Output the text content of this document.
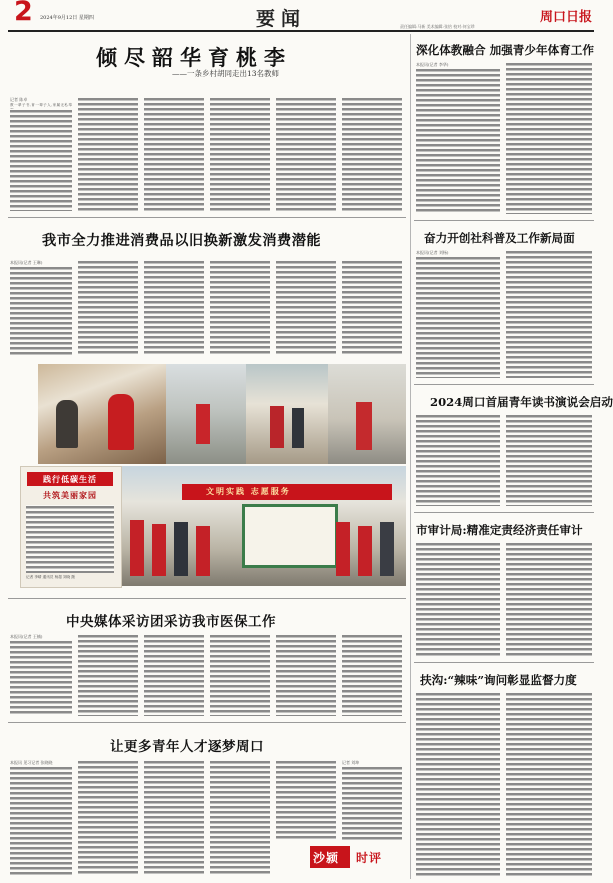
2 2024年9月12日 星期四	要闻	周口日报
责任编辑:马新 美术编辑:张怡 校对:何宝珍
倾尽韶华育桃李
——一条乡村胡同走出13名教师
记者 陈卓
教一辈子书,育一辈子人,家属无私奉
我市全力推进消费品以旧换新激发消费潜能
本报讯(记者 王琳)
践行低碳生活
共筑美丽家园
记者 李晴 通讯员 杨超 刘晓 摄
文明实践 志愿服务
中央媒体采访团采访我市医保工作
本报讯(记者 王楠)
让更多青年人才逐梦周口
本报讯 见习记者 张晓晓
沙颍 时评
记者 刘坤
深化体教融合 加强青少年体育工作
本报讯(记者 李华)
奋力开创社科普及工作新局面
本报讯(记者 刘杨)
2024周口首届青年读书演说会启动
市审计局:精准定责经济责任审计
扶沟:“辣味”询问彰显监督力度
